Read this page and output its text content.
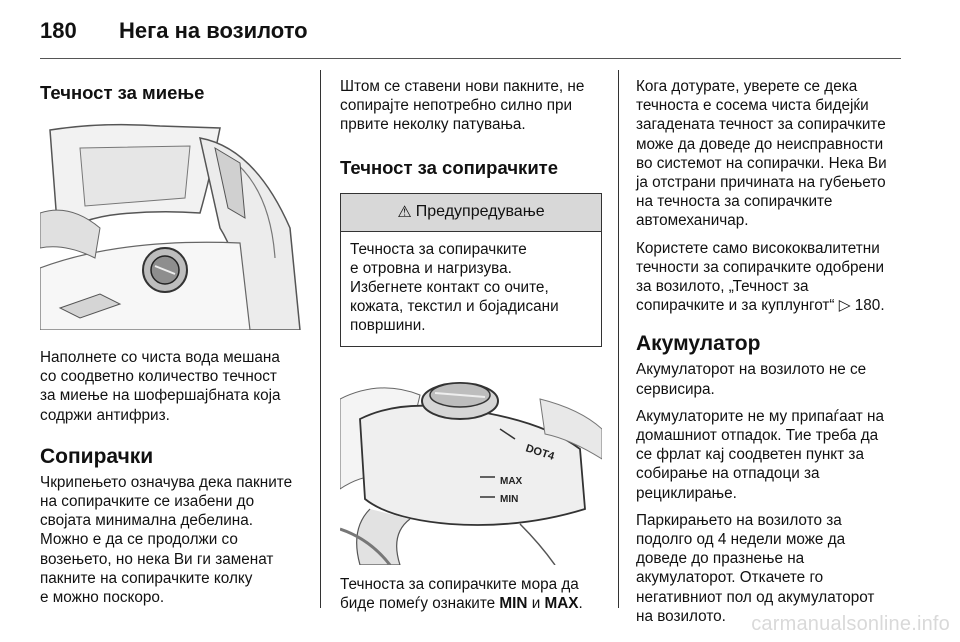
180 Нега на возилото
Течност за миење

Наполнете со чиста вода мешана

со соодветно количество течност

за миење на шофершајбната која

содржи антифриз.

Сопирачки

Чкрипењето означува дека пакните

на сопирачките се изабени до

својата минимална дебелина.

Можно е да се продолжи со

возењето, но нека Ви ги заменат

пакните на сопирачките колку

е можно поскоро.

Штом се ставени нови пакните, не

сопирајте непотребно силно при

првите неколку патувања.

Течност за сопирачките
⚠ Предупредување

Течноста за сопирачките

е отровна и нагризува.

Избегнете контакт со очите,

кожата, текстил и бојадисани

површини.

DOT4
MAX
MIN

Течноста за сопирачките мора да

биде помеѓу ознаките MIN и MAX.

Кога дотурате, уверете се дека

течноста е сосема чиста бидејќи

загадената течност за сопирачките

може да доведе до неисправности

во системот на сопирачки. Нека Ви

ја отстрани причината на губењето

на течноста за сопирачките

автомеханичар.

Користете само висококвалитетни

течности за сопирачките одобрени

за возилото, „Течност за

сопирачките и за куплунгот“ ▷ 180.

Акумулатор

Акумулаторот на возилото не се

сервисира.

Акумулаторите не му припаѓаат на

домашниот отпадок. Тие треба да

се фрлат кај соодветен пункт за

собирање на отпадоци за

рециклирање.

Паркирањето на возилото за

подолго од 4 недели може да

доведе до празнење на

акумулаторот. Откачете го

негативниот пол од акумулаторот

на возилото.	carmanualsonline.info
